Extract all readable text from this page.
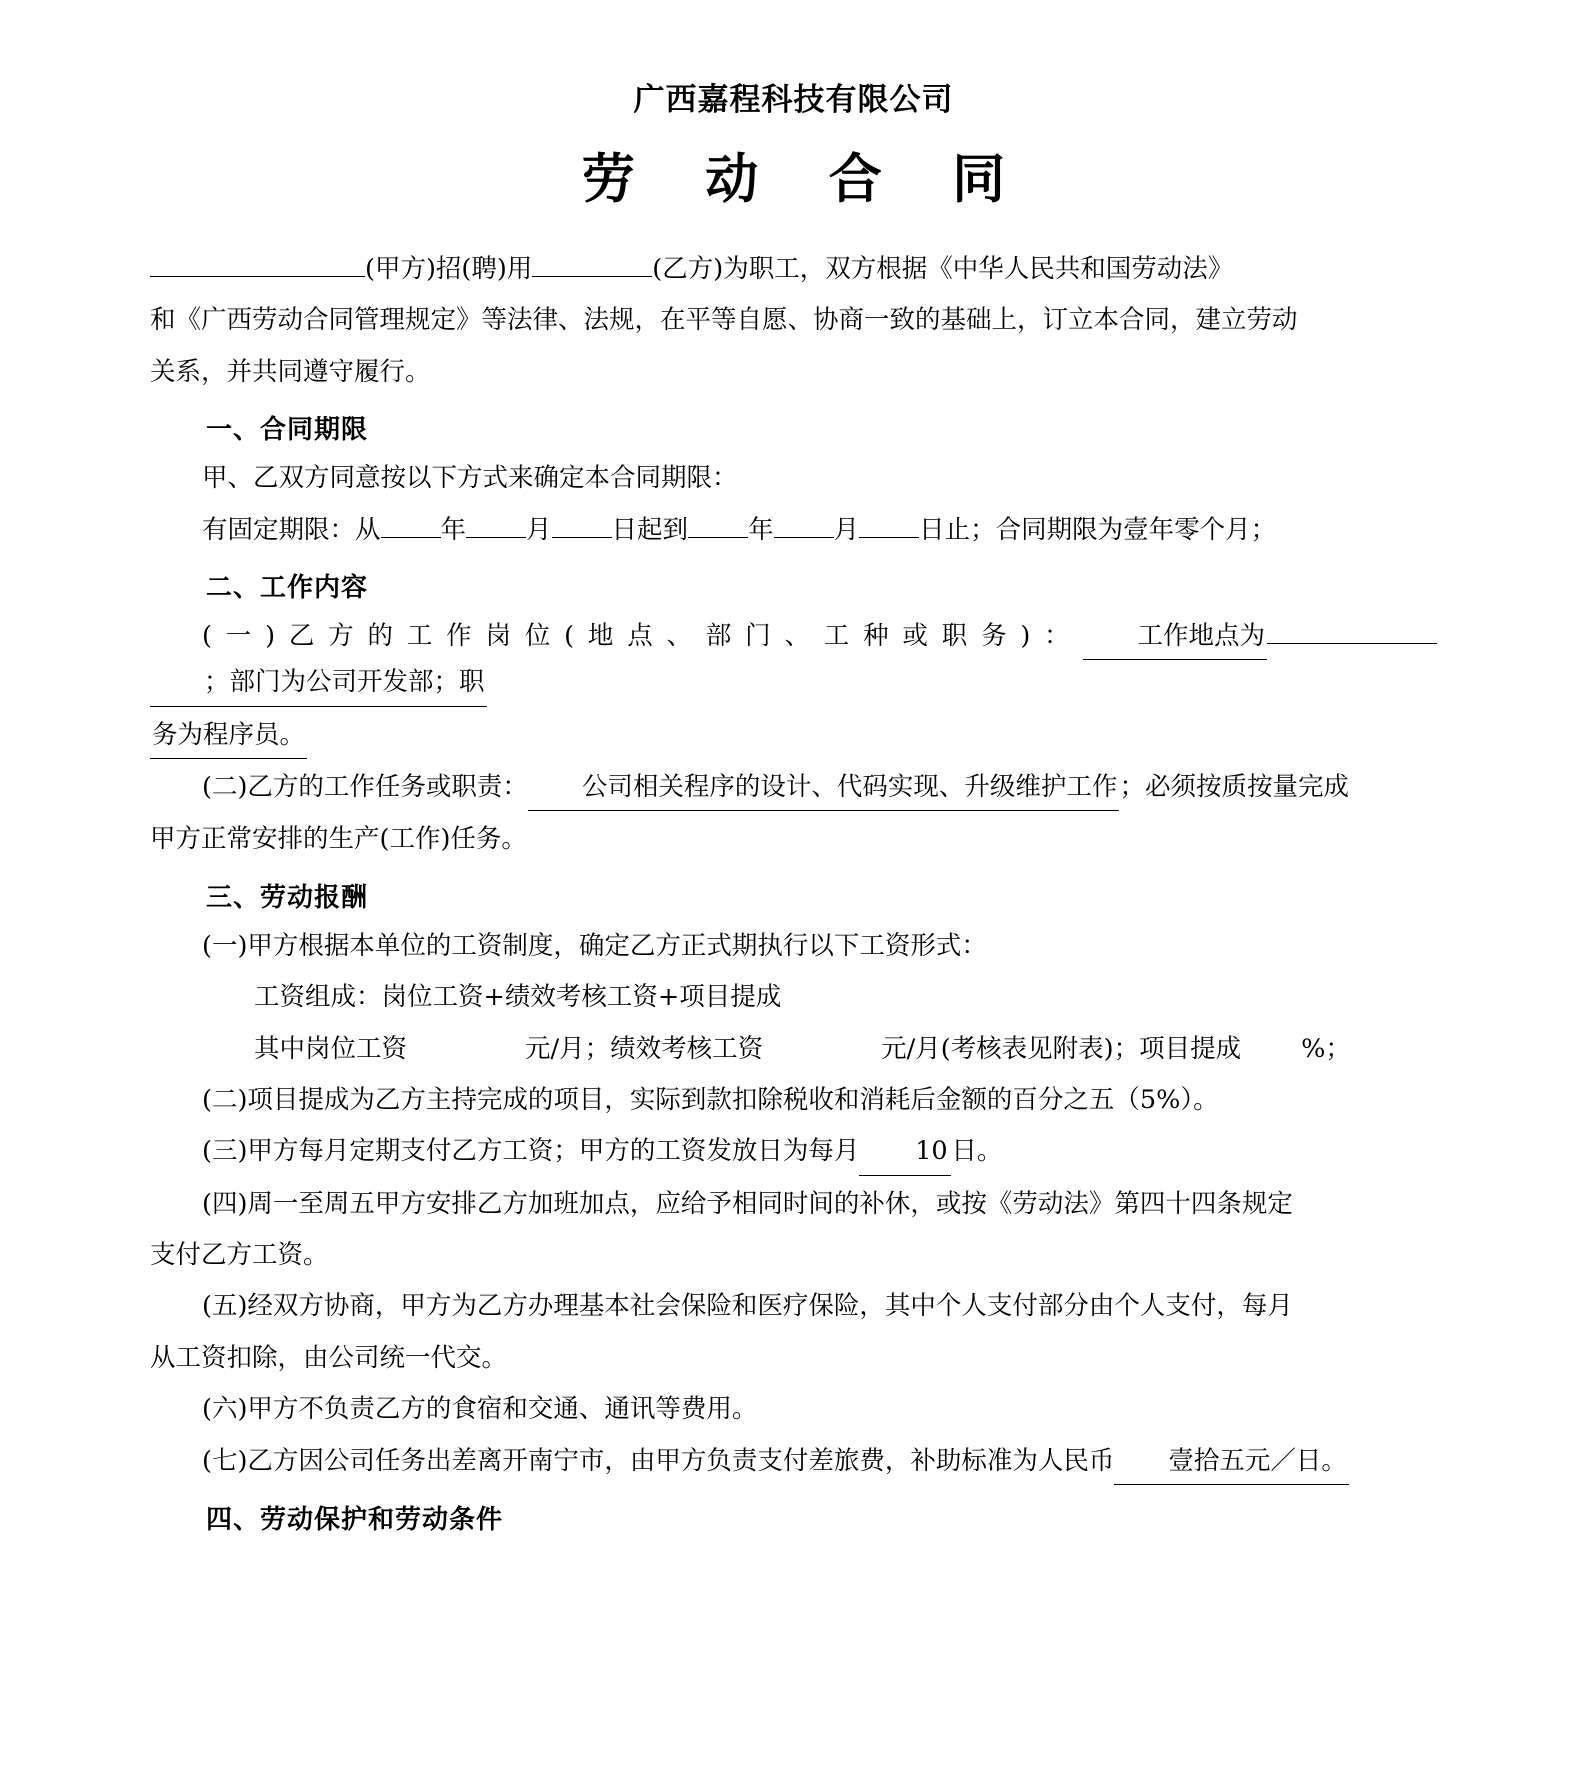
广西嘉程科技有限公司
劳 动 合 同

(甲方)招(聘)用	(乙方)为职工，双方根据《中华人民共和国劳动法》

和《广西劳动合同管理规定》等法律、法规，在平等自愿、协商一致的基础上，订立本合同，建立劳动

关系，并共同遵守履行。

一、合同期限

甲、乙双方同意按以下方式来确定本合同期限：

有固定期限：从 年 月 日起到 年 月 日止；合同期限为壹年零个月；

二、工作内容

(一)乙方的工作岗位(地点、部门、工种或职务)： 工作地点为；部门为公司开发部；职

务为程序员。

(二)乙方的工作任务或职责： 公司相关程序的设计、代码实现、升级维护工作；必须按质按量完成

甲方正常安排的生产(工作)任务。

三、劳动报酬

(一)甲方根据本单位的工资制度，确定乙方正式期执行以下工资形式：

工资组成：岗位工资+绩效考核工资+项目提成

其中岗位工资	元/月；绩效考核工资	元/月(考核表见附表)；项目提成 %；

(二)项目提成为乙方主持完成的项目，实际到款扣除税收和消耗后金额的百分之五（5%）。

(三)甲方每月定期支付乙方工资；甲方的工资发放日为每月 10 日。

(四)周一至周五甲方安排乙方加班加点，应给予相同时间的补休，或按《劳动法》第四十四条规定

支付乙方工资。

(五)经双方协商，甲方为乙方办理基本社会保险和医疗保险，其中个人支付部分由个人支付，每月

从工资扣除，由公司统一代交。

(六)甲方不负责乙方的食宿和交通、通讯等费用。

(七)乙方因公司任务出差离开南宁市，由甲方负责支付差旅费，补助标准为人民币 壹拾五元／日。

四、劳动保护和劳动条件
